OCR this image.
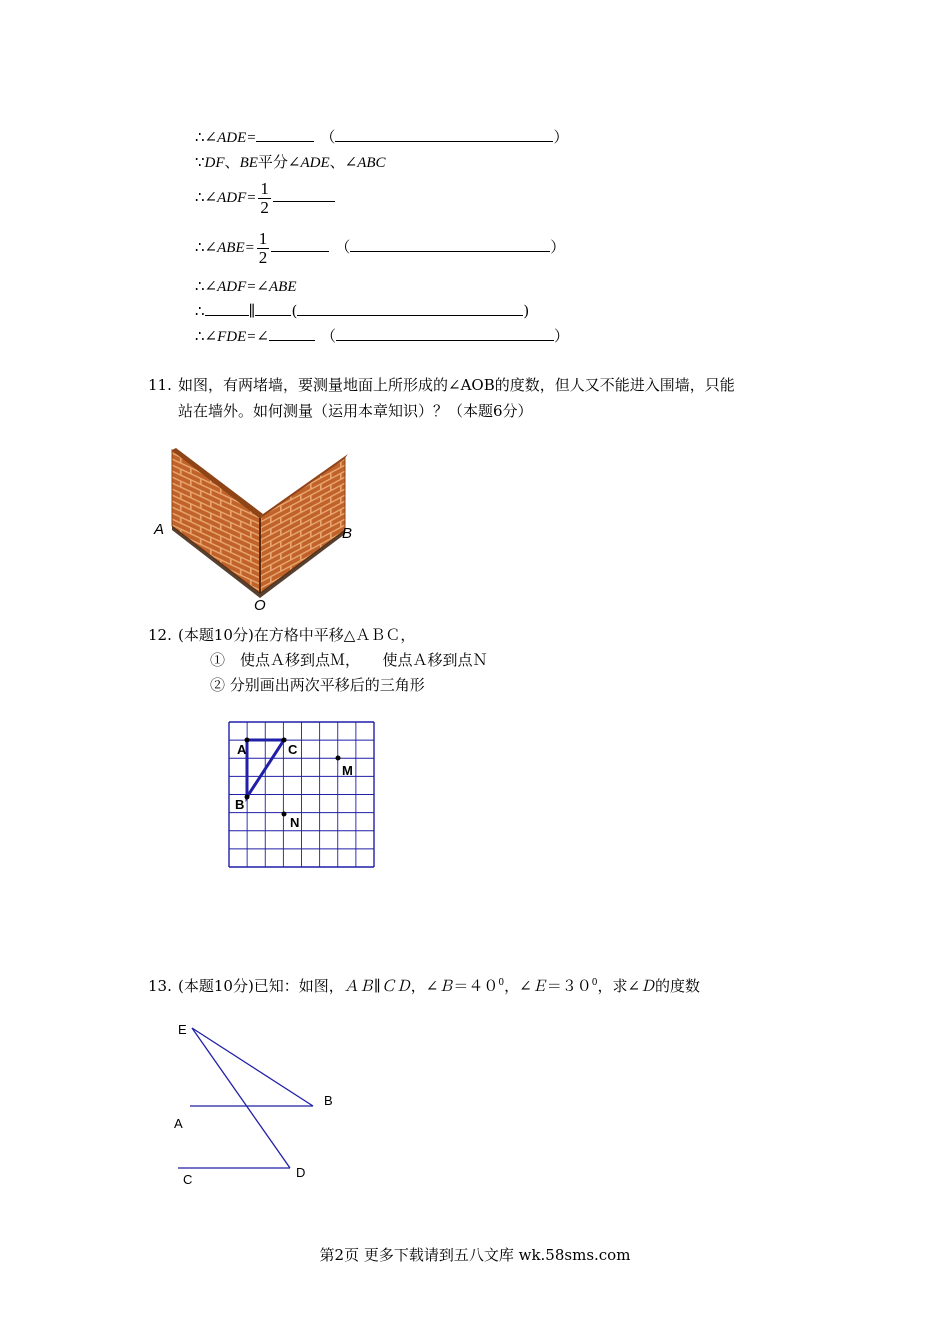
∴∠ADE=	（	）
∵DF、BE平分∠ADE、∠ABC
∴∠ADF= $\frac{1}{2}$
∴∠ABE= $\frac{1}{2}$	（	）
∴∠ADF=∠ABE
∴	∥ (	)
∴∠FDE=∠	（	）
11. 如图，有两堵墙，要测量地面上所形成的∠AOB的度数，但人又不能进入围墙，只能
站在墙外。如何测量（运用本章知识）？（本题6分）
A	B
O
12. (本题10分)在方格中平移△ＡＢＣ，
①　使点Ａ移到点Ｍ，　　使点Ａ移到点Ｎ
② 分别画出两次平移后的三角形
A	C
B
M
N
13. (本题10分)已知：如图，ＡＢ∥ＣＤ，$\angle B=40^0$，$\angle E=30^0$，求∠Ｄ的度数
E
B
A
C	D
第2页 更多下载请到五八文库 wk.58sms.com
